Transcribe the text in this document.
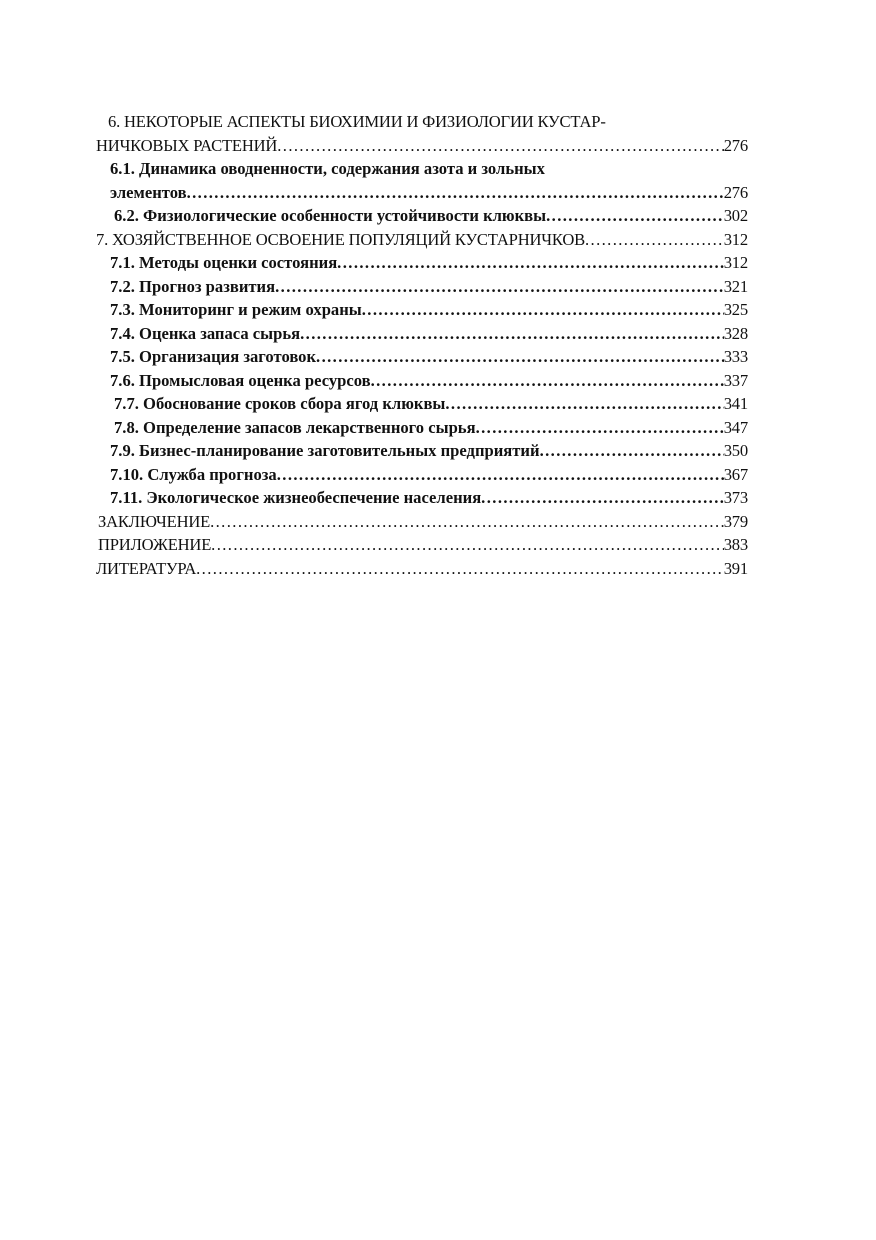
6. НЕКОТОРЫЕ АСПЕКТЫ БИОХИМИИ И ФИЗИОЛОГИИ КУСТАР-
НИЧКОВЫХ РАСТЕНИЙ .....	276
6.1. Динамика оводненности, содержания азота и зольных
элементов .....	276
6.2. Физиологические особенности устойчивости клюквы .....	302
7. ХОЗЯЙСТВЕННОЕ ОСВОЕНИЕ ПОПУЛЯЦИЙ КУСТАРНИЧКОВ .....	312
7.1. Методы оценки состояния .....	312
7.2. Прогноз развития .....	321
7.3. Мониторинг и режим охраны .....	325
7.4. Оценка запаса сырья .....	328
7.5. Организация заготовок .....	333
7.6. Промысловая оценка ресурсов .....	337
7.7. Обоснование сроков сбора ягод клюквы .....	341
7.8. Определение запасов лекарственного сырья .....	347
7.9. Бизнес-планирование заготовительных предприятий .....	350
7.10. Служба прогноза .....	367
7.11. Экологическое жизнеобеспечение населения .....	373
ЗАКЛЮЧЕНИЕ .....	379
ПРИЛОЖЕНИЕ .....	383
ЛИТЕРАТУРА .....	391
